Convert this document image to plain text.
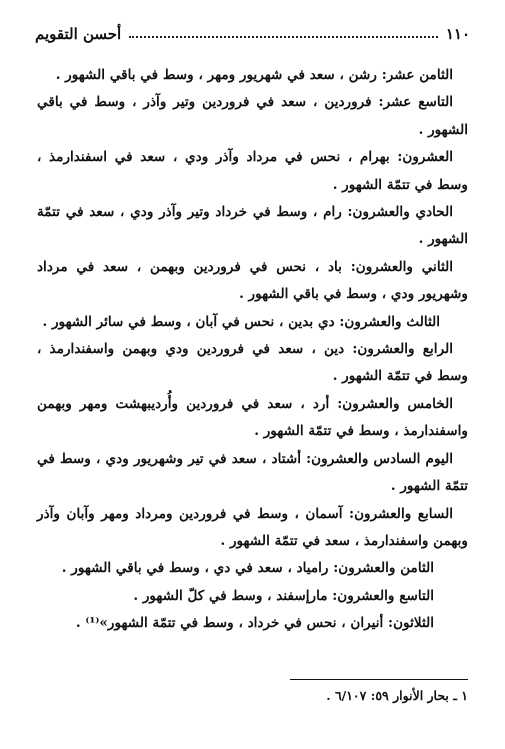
١١٠
أحسن التقويم

الثامن عشر: رشن ، سعد في شهريور ومهر ، وسط في باقي الشهور .

التاسع عشر: فروردين ، سعد في فروردين وتير وآذر ، وسط في باقي الشهور .

العشرون: بهرام ، نحس في مرداد وآذر ودي ، سعد في اسفندارمذ ، وسط في تتمّة الشهور .

الحادي والعشرون: رام ، وسط في خرداد وتير وآذر ودي ، سعد في تتمّة الشهور .

الثاني والعشرون: باد ، نحس في فروردين وبهمن ، سعد في مرداد وشهريور ودي ، وسط في باقي الشهور .

الثالث والعشرون: دي بدين ، نحس في آبان ، وسط في سائر الشهور .

الرابع والعشرون: دين ، سعد في فروردين ودي وبهمن واسفندارمذ ، وسط في تتمّة الشهور .

الخامس والعشرون: أرد ، سعد في فروردين وأُرديبهشت ومهر وبهمن واسفندارمذ ، وسط في تتمّة الشهور .

اليوم السادس والعشرون: أشتاد ، سعد في تير وشهريور ودي ، وسط في تتمّة الشهور .

السابع والعشرون: آسمان ، وسط في فروردين ومرداد ومهر وآبان وآذر وبهمن واسفندارمذ ، سعد في تتمّة الشهور .

الثامن والعشرون: رامياد ، سعد في دي ، وسط في باقي الشهور .

التاسع والعشرون: مارإسفند ، وسط في كلّ الشهور .

الثلاثون: أنيران ، نحس في خرداد ، وسط في تتمّة الشهور»⁽¹⁾ .

١ ـ بحار الأنوار ٥٩: ٦/١٠٧ .
